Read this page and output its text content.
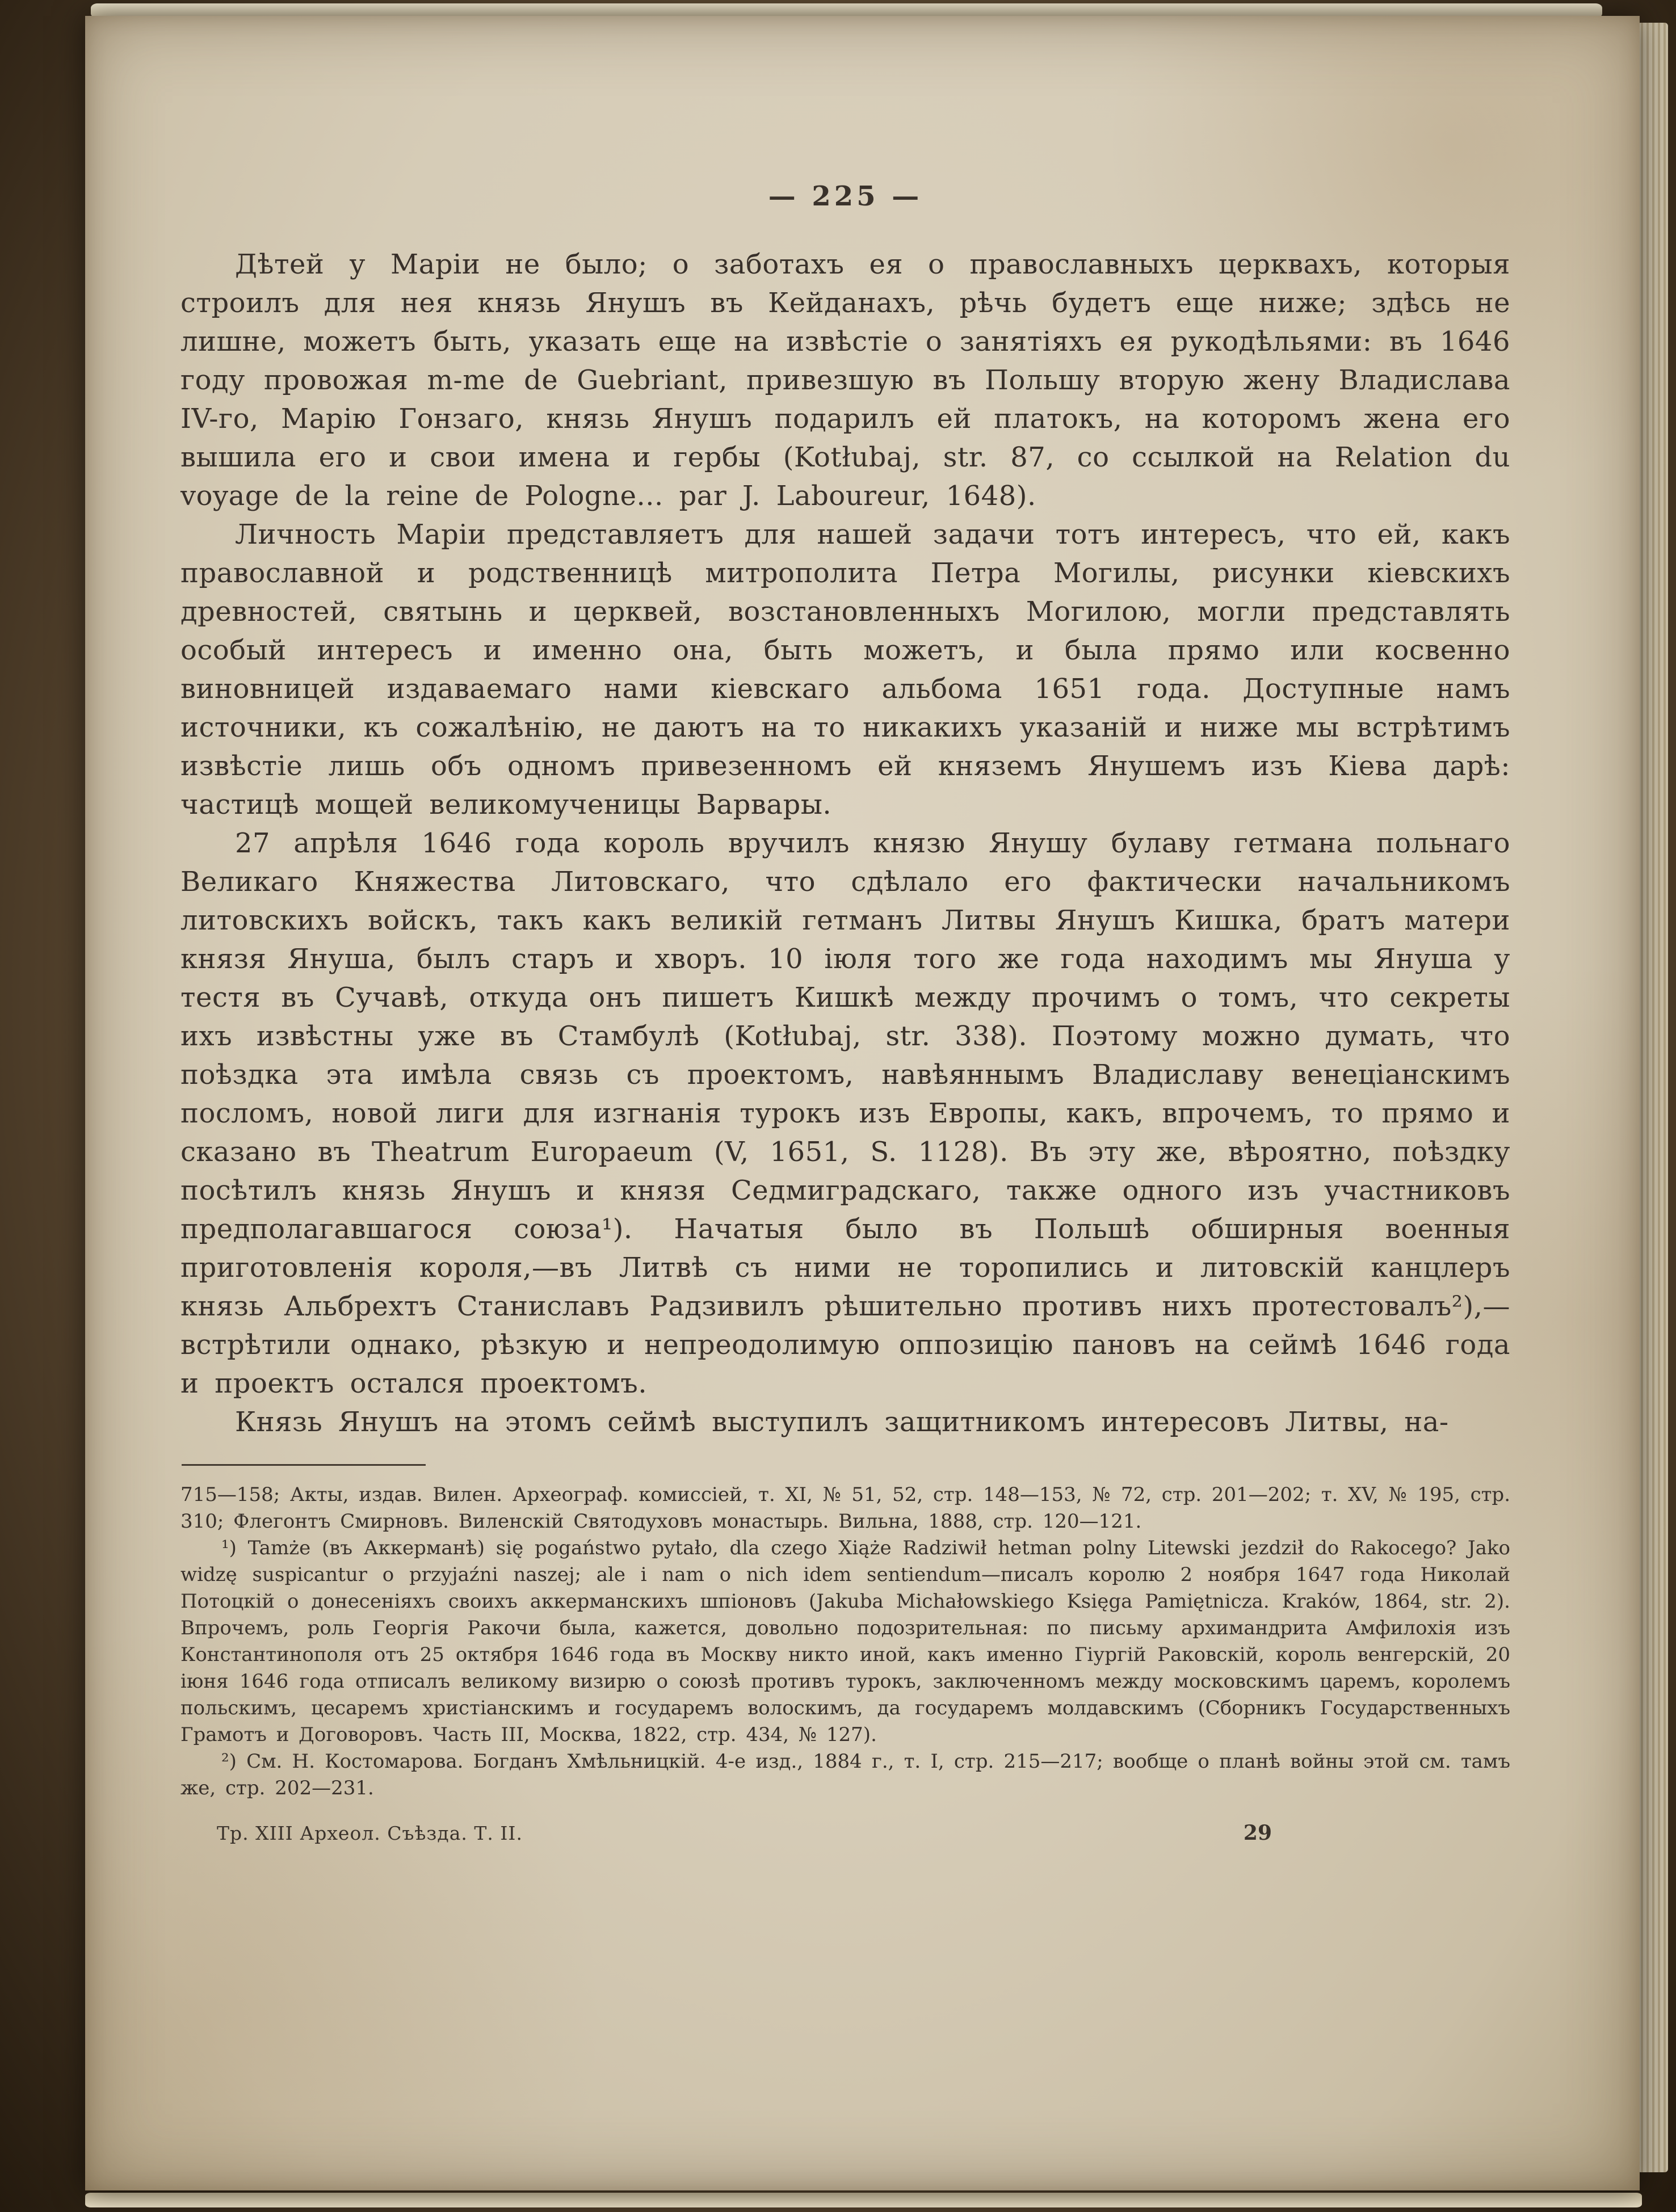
— 225 —

Дѣтей у Маріи не было; о заботахъ ея о православныхъ церквахъ, которыя строилъ для нея князь Янушъ въ Кейданахъ, рѣчь будетъ еще ниже; здѣсь не лишне, можетъ быть, указать еще на извѣстіе о занятіяхъ ея рукодѣльями: въ 1646 году провожая m-me de Guebriant, привезшую въ Польшу вторую жену Владислава IV-го, Марію Гонзаго, князь Янушъ подарилъ ей платокъ, на которомъ жена его вышила его и свои имена и гербы (Kotłubaj, str. 87, со ссылкой на Relation du voyage de la reine de Pologne... par J. Laboureur, 1648).

Личность Маріи представляетъ для нашей задачи тотъ интересъ, что ей, какъ православной и родственницѣ митрополита Петра Могилы, рисунки кіевскихъ древностей, святынь и церквей, возстановленныхъ Могилою, могли представлять особый интересъ и именно она, быть можетъ, и была прямо или косвенно виновницей издаваемаго нами кіевскаго альбома 1651 года. Доступные намъ источники, къ сожалѣнію, не даютъ на то никакихъ указаній и ниже мы встрѣтимъ извѣстіе лишь объ одномъ привезенномъ ей княземъ Янушемъ изъ Кіева дарѣ: частицѣ мощей великомученицы Варвары.

27 апрѣля 1646 года король вручилъ князю Янушу булаву гетмана польнаго Великаго Княжества Литовскаго, что сдѣлало его фактически начальникомъ литовскихъ войскъ, такъ какъ великій гетманъ Литвы Янушъ Кишка, братъ матери князя Януша, былъ старъ и хворъ. 10 іюля того же года находимъ мы Януша у тестя въ Сучавѣ, откуда онъ пишетъ Кишкѣ между прочимъ о томъ, что секреты ихъ извѣстны уже въ Стамбулѣ (Kotłubaj, str. 338). Поэтому можно думать, что поѣздка эта имѣла связь съ проектомъ, навѣяннымъ Владиславу венеціанскимъ посломъ, новой лиги для изгнанія турокъ изъ Европы, какъ, впрочемъ, то прямо и сказано въ Theatrum Europaeum (V, 1651, S. 1128). Въ эту же, вѣроятно, поѣздку посѣтилъ князь Янушъ и князя Седмиградскаго, также одного изъ участниковъ предполагавшагося союза¹). Начатыя было въ Польшѣ обширныя военныя приготовленія короля,—въ Литвѣ съ ними не торопились и литовскій канцлеръ князь Альбрехтъ Станиславъ Радзивилъ рѣшительно противъ нихъ протестовалъ²),—встрѣтили однако, рѣзкую и непреодолимую оппозицію пановъ на сеймѣ 1646 года и проектъ остался проектомъ.

Князь Янушъ на этомъ сеймѣ выступилъ защитникомъ интересовъ Литвы, на-

715—158; Акты, издав. Вилен. Археограф. комиссіей, т. XI, № 51, 52, стр. 148—153, № 72, стр. 201—202; т. XV, № 195, стр. 310; Флегонтъ Смирновъ. Виленскій Святодуховъ монастырь. Вильна, 1888, стр. 120—121.

¹) Tamże (въ Аккерманѣ) się pogaństwo pytało, dla czego Xiąże Radziwił hetman polny Litewski jezdził do Rakocego? Jako widzę suspicantur o przyjaźni naszej; ale i nam o nich idem sentiendum—писалъ королю 2 ноября 1647 года Николай Потоцкій о донесеніяхъ своихъ аккерманскихъ шпіоновъ (Jakuba Michałowskiego Księga Pamiętnicza. Kraków, 1864, str. 2). Впрочемъ, роль Георгія Ракочи была, кажется, довольно подозрительная: по письму архимандрита Амфилохія изъ Константинополя отъ 25 октября 1646 года въ Москву никто иной, какъ именно Гіургій Раковскій, король венгерскій, 20 іюня 1646 года отписалъ великому визирю о союзѣ противъ турокъ, заключенномъ между московскимъ царемъ, королемъ польскимъ, цесаремъ христіанскимъ и государемъ волоскимъ, да государемъ молдавскимъ (Сборникъ Государственныхъ Грамотъ и Договоровъ. Часть III, Москва, 1822, стр. 434, № 127).

²) См. Н. Костомарова. Богданъ Хмѣльницкій. 4-е изд., 1884 г., т. I, стр. 215—217; вообще о планѣ войны этой см. тамъ же, стр. 202—231.

Тр. XIII Археол. Съѣзда. Т. II.	29
